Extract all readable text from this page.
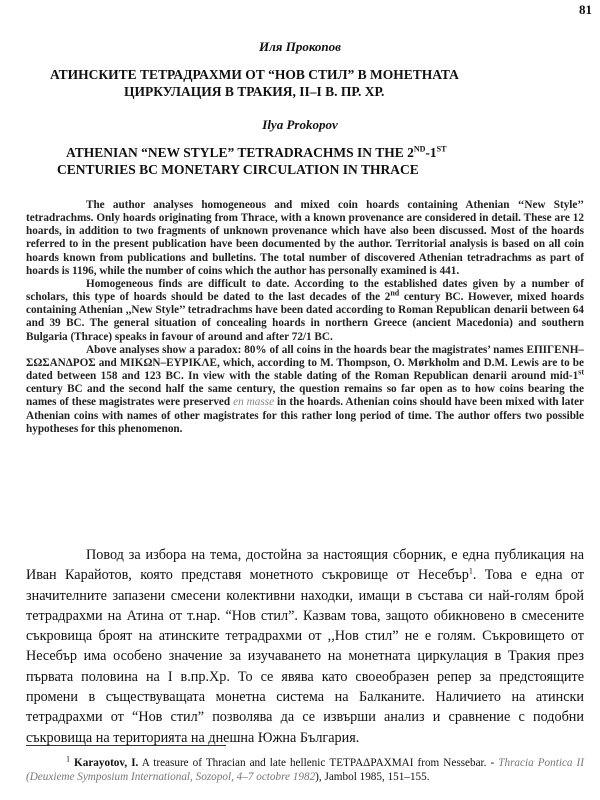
81
Иля Прокопов
АТИНСКИТЕ ТЕТРАДРАХМИ ОТ “НОВ СТИЛ” В МОНЕТНАТА
ЦИРКУЛАЦИЯ В ТРАКИЯ, II–I В. ПР. ХР.
Ilya Prokopov
ATHENIAN “NEW STYLE” TETRADRACHMS IN THE 2ND-1ST
CENTURIES BC MONETARY CIRCULATION IN THRACE

The author analyses homogeneous and mixed coin hoards containing Athenian ‘‘New Style’’ tetradrachms. Only hoards originating from Thrace, with a known provenance are considered in detail. These are 12 hoards, in addition to two fragments of unknown provenance which have also been discussed. Most of the hoards referred to in the present publication have been documented by the author. Territorial analysis is based on all coin hoards known from publications and bulletins. The total number of discovered Athenian tetradrachms as part of hoards is 1196, while the number of coins which the author has personally examined is 441.

Homogeneous finds are difficult to date. According to the established dates given by a number of scholars, this type of hoards should be dated to the last decades of the 2nd century BC. However, mixed hoards containing Athenian ,,New Style’’ tetradrachms have been dated according to Roman Republican denarii between 64 and 39 BC. The general situation of concealing hoards in northern Greece (ancient Macedonia) and southern Bulgaria (Thrace) speaks in favour of around and after 72/1 BC.

Above analyses show a paradox: 80% of all coins in the hoards bear the magistrates’ names ΕΠΙΓΕΝΗ–ΣΩΣΑΝΔΡΟΣ and ΜΙΚΩΝ–ΕΥΡΙΚΛΕ, which, according to M. Thompson, O. Mørkholm and D.M. Lewis are to be dated between 158 and 123 BC. In view with the stable dating of the Roman Republican denarii around mid-1st century BC and the second half the same century, the question remains so far open as to how coins bearing the names of these magistrates were preserved en masse in the hoards. Athenian coins should have been mixed with later Athenian coins with names of other magistrates for this rather long period of time. The author offers two possible hypotheses for this phenomenon.

Повод за избора на тема, достойна за настоящия сборник, е една публикация на Иван Карайотов, която представя монетното съкровище от Несебър$^1$. Това е една от значителните запазени смесени колективни находки, имащи в състава си най-голям брой тетрадрахми на Атина от т.нар. “Нов стил”. Казвам това, защото обикновено в смесените съкровища броят на атинските тетрадрахми от ,,Нов стил” не е голям. Съкровището от Несебър има особено значение за изучаването на монетната циркулация в Тракия през първата половина на I в.пр.Хр. То се явява като своеобразен репер за предстоящите промени в съществуващата монетна система на Балканите. Наличието на атински тетрадрахми от “Нов стил” позволява да се извърши анализ и сравнение с подобни съкровища на територията на днешна Южна България.

$^1$ Karayotov, I. A treasure of Thracian and late hellenic ΤΕΤΡΑΔΡΑΧΜΑΙ from Nessebar. - Thracia Pontica II (Deuxieme Symposium International, Sozopol, 4–7 octobre 1982), Jambol 1985, 151–155.
